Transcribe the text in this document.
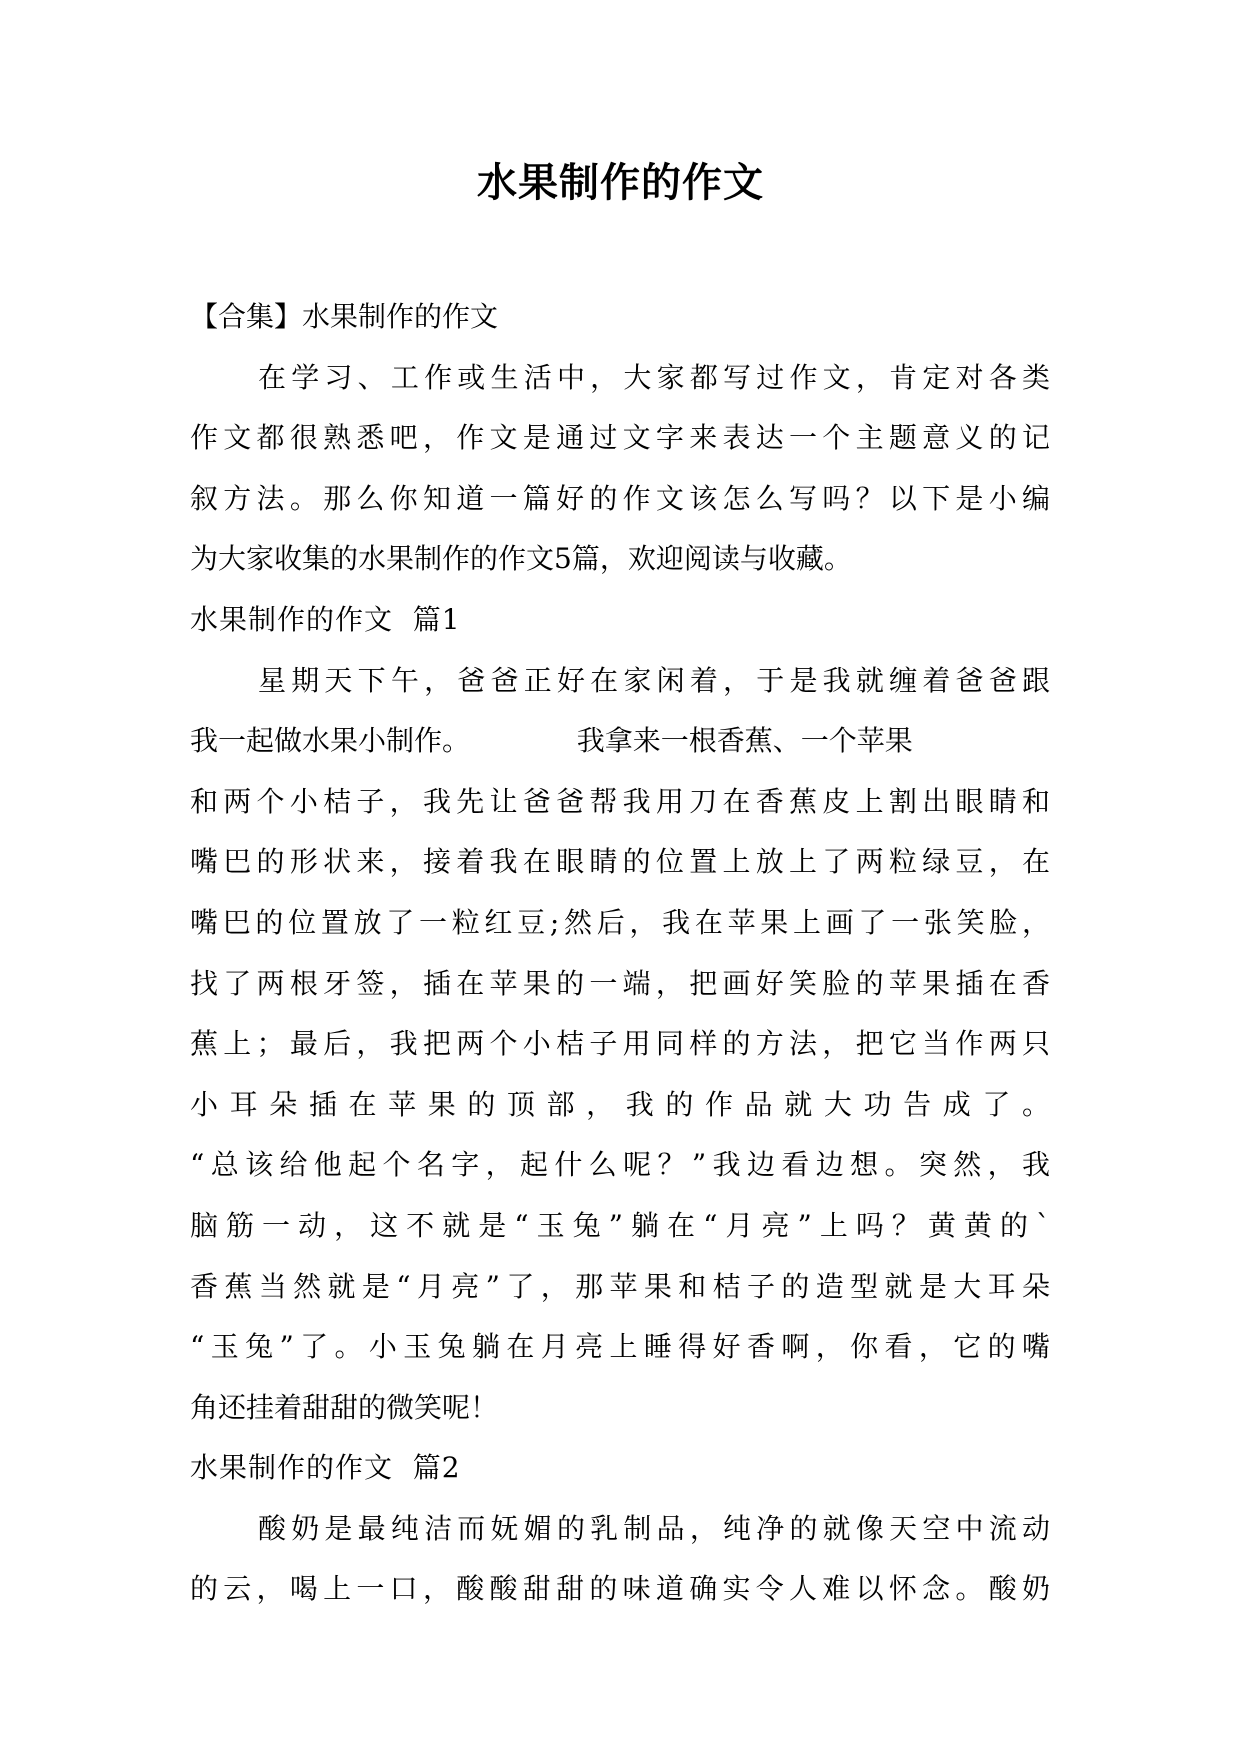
水果制作的作文
【合集】水果制作的作文
在学习、工作或生活中，大家都写过作文，肯定对各类
作文都很熟悉吧，作文是通过文字来表达一个主题意义的记
叙方法。那么你知道一篇好的作文该怎么写吗？以下是小编
为大家收集的水果制作的作文5篇，欢迎阅读与收藏。
水果制作的作文  篇1
星期天下午，爸爸正好在家闲着，于是我就缠着爸爸跟
我一起做水果小制作。            我拿来一根香蕉、一个苹果
和两个小桔子，我先让爸爸帮我用刀在香蕉皮上割出眼睛和
嘴巴的形状来，接着我在眼睛的位置上放上了两粒绿豆，在
嘴巴的位置放了一粒红豆;然后，我在苹果上画了一张笑脸，
找了两根牙签，插在苹果的一端，把画好笑脸的苹果插在香
蕉上；最后，我把两个小桔子用同样的方法，把它当作两只
小耳朵插在苹果的顶部，我的作品就大功告成了。
“总该给他起个名字，起什么呢？”我边看边想。突然，我
脑筋一动，这不就是“玉兔”躺在“月亮”上吗？黄黄的`
香蕉当然就是“月亮”了，那苹果和桔子的造型就是大耳朵
“玉兔”了。小玉兔躺在月亮上睡得好香啊，你看，它的嘴
角还挂着甜甜的微笑呢！
水果制作的作文  篇2
酸奶是最纯洁而妩媚的乳制品，纯净的就像天空中流动
的云，喝上一口，酸酸甜甜的味道确实令人难以怀念。酸奶
